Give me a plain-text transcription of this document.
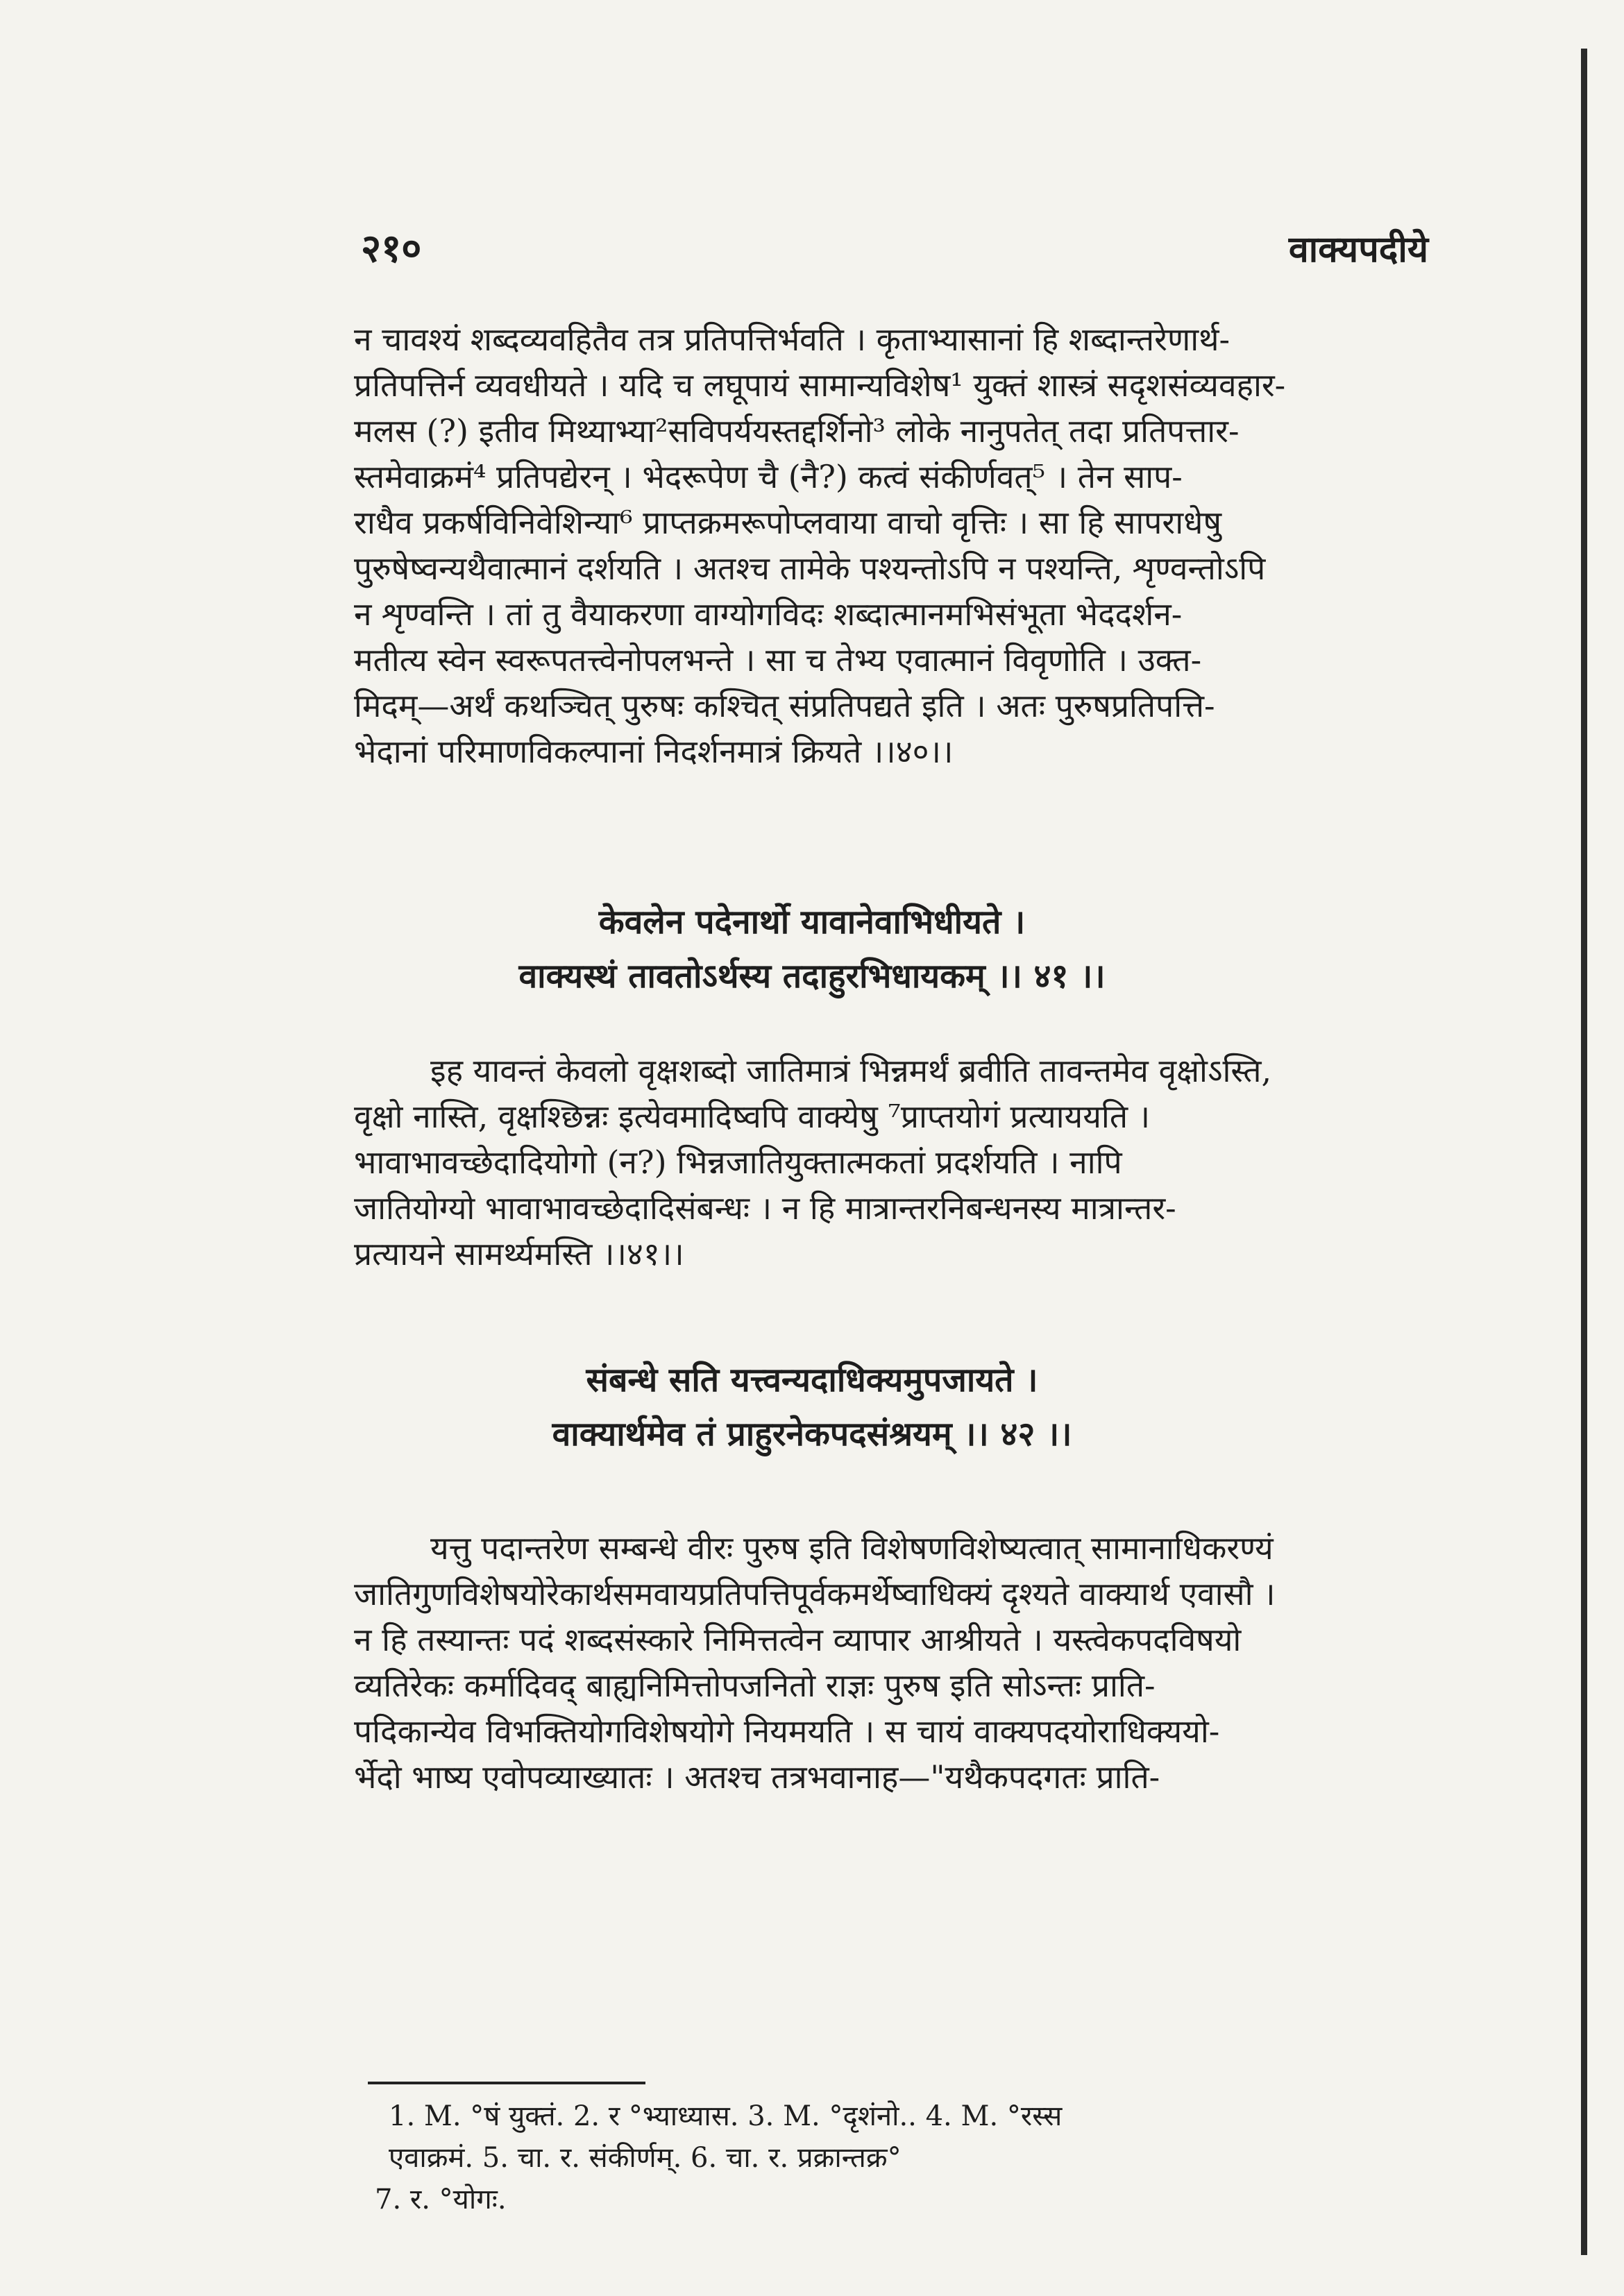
२१०	वाक्यपदीये
न चावश्यं शब्दव्यवहितैव तत्र प्रतिपत्तिर्भवति । कृताभ्यासानां हि शब्दान्तरेणार्थ-
प्रतिपत्तिर्न व्यवधीयते । यदि च लघूपायं सामान्यविशेष¹ युक्तं शास्त्रं सदृशसंव्यवहार-
मलस (?) इतीव मिथ्याभ्या²सविपर्ययस्तद्दर्शिनो³ लोके नानुपतेत् तदा प्रतिपत्तार-
स्तमेवाक्रमं⁴ प्रतिपद्येरन् । भेदरूपेण चै (नै?) कत्वं संकीर्णवत्⁵ । तेन साप-
राधैव प्रकर्षविनिवेशिन्या⁶ प्राप्तक्रमरूपोप्लवाया वाचो वृत्तिः । सा हि सापराधेषु
पुरुषेष्वन्यथैवात्मानं दर्शयति । अतश्च तामेके पश्यन्तोऽपि न पश्यन्ति, शृण्वन्तोऽपि
न शृण्वन्ति । तां तु वैयाकरणा वाग्योगविदः शब्दात्मानमभिसंभूता भेददर्शन-
मतीत्य स्वेन स्वरूपतत्त्वेनोपलभन्ते । सा च तेभ्य एवात्मानं विवृणोति । उक्त-
मिदम्—अर्थं कथञ्चित् पुरुषः कश्चित् संप्रतिपद्यते इति । अतः पुरुषप्रतिपत्ति-
भेदानां परिमाणविकल्पानां निदर्शनमात्रं क्रियते ।।४०।।
केवलेन पदेनार्थो यावानेवाभिधीयते ।
वाक्यस्थं तावतोऽर्थस्य तदाहुरभिधायकम् ।। ४१ ।।
इह यावन्तं केवलो वृक्षशब्दो जातिमात्रं भिन्नमर्थं ब्रवीति तावन्तमेव वृक्षोऽस्ति,
वृक्षो नास्ति, वृक्षश्छिन्नः इत्येवमादिष्वपि वाक्येषु ⁷प्राप्तयोगं प्रत्याययति ।
भावाभावच्छेदादियोगो (न?) भिन्नजातियुक्तात्मकतां प्रदर्शयति । नापि
जातियोग्यो भावाभावच्छेदादिसंबन्धः । न हि मात्रान्तरनिबन्धनस्य मात्रान्तर-
प्रत्यायने सामर्थ्यमस्ति ।।४१।।
संबन्धे सति यत्त्वन्यदाधिक्यमुपजायते ।
वाक्यार्थमेव तं प्राहुरनेकपदसंश्रयम् ।। ४२ ।।
यत्तु पदान्तरेण सम्बन्धे वीरः पुरुष इति विशेषणविशेष्यत्वात् सामानाधिकरण्यं
जातिगुणविशेषयोरेकार्थसमवायप्रतिपत्तिपूर्वकमर्थेष्वाधिक्यं दृश्यते वाक्यार्थ एवासौ ।
न हि तस्यान्तः पदं शब्दसंस्कारे निमित्तत्वेन व्यापार आश्रीयते । यस्त्वेकपदविषयो
व्यतिरेकः कर्मादिवद् बाह्यनिमित्तोपजनितो राज्ञः पुरुष इति सोऽन्तः प्राति-
पदिकान्येव विभक्तियोगविशेषयोगे नियमयति । स चायं वाक्यपदयोराधिक्ययो-
र्भेदो भाष्य एवोपव्याख्यातः । अतश्च तत्रभवानाह—"यथैकपदगतः प्राति-
1. M. °षं युक्तं. 2. र °भ्याध्यास. 3. M. °दृशंनो.. 4. M. °रस्स
एवाक्रमं. 5. चा. र. संकीर्णम्. 6. चा. र. प्रक्रान्तक्र°
7. र. °योगः.
